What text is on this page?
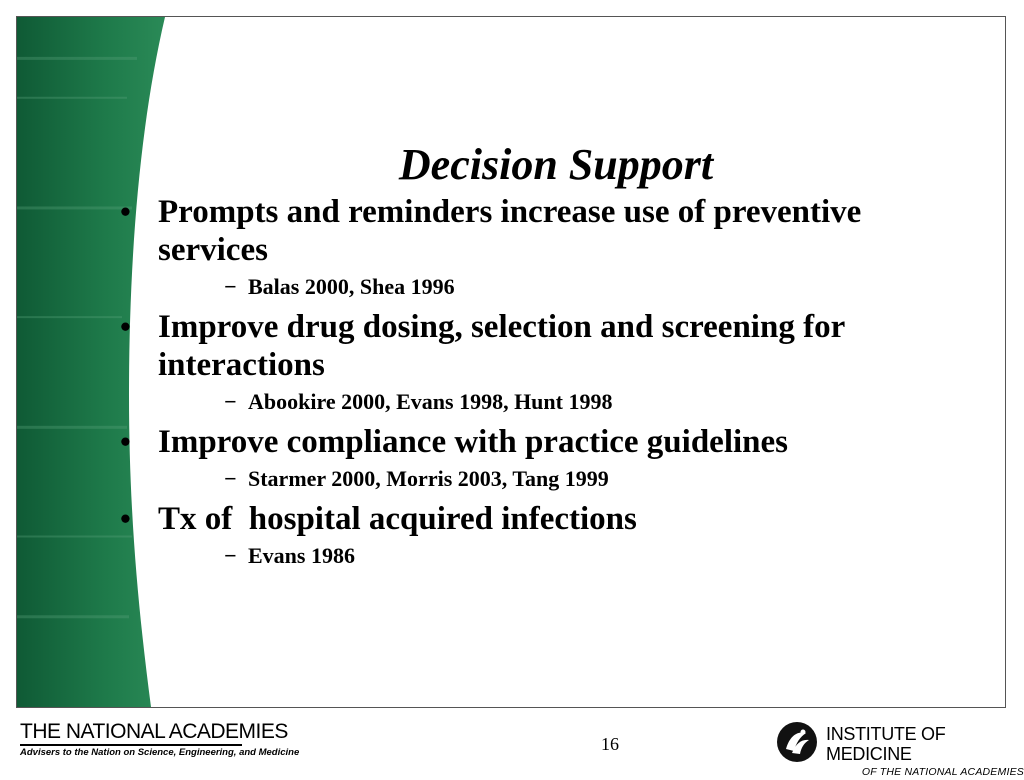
Decision Support
• Prompts and reminders increase use of preventive services
− Balas 2000, Shea 1996
• Improve drug dosing, selection and screening for interactions
− Abookire 2000, Evans 1998, Hunt 1998
• Improve compliance with practice guidelines
− Starmer 2000, Morris 2003, Tang 1999
• Tx of  hospital acquired infections
− Evans 1986
THE NATIONAL ACADEMIES
Advisers to the Nation on Science, Engineering, and Medicine	16	INSTITUTE OF MEDICINE
OF THE NATIONAL ACADEMIES
